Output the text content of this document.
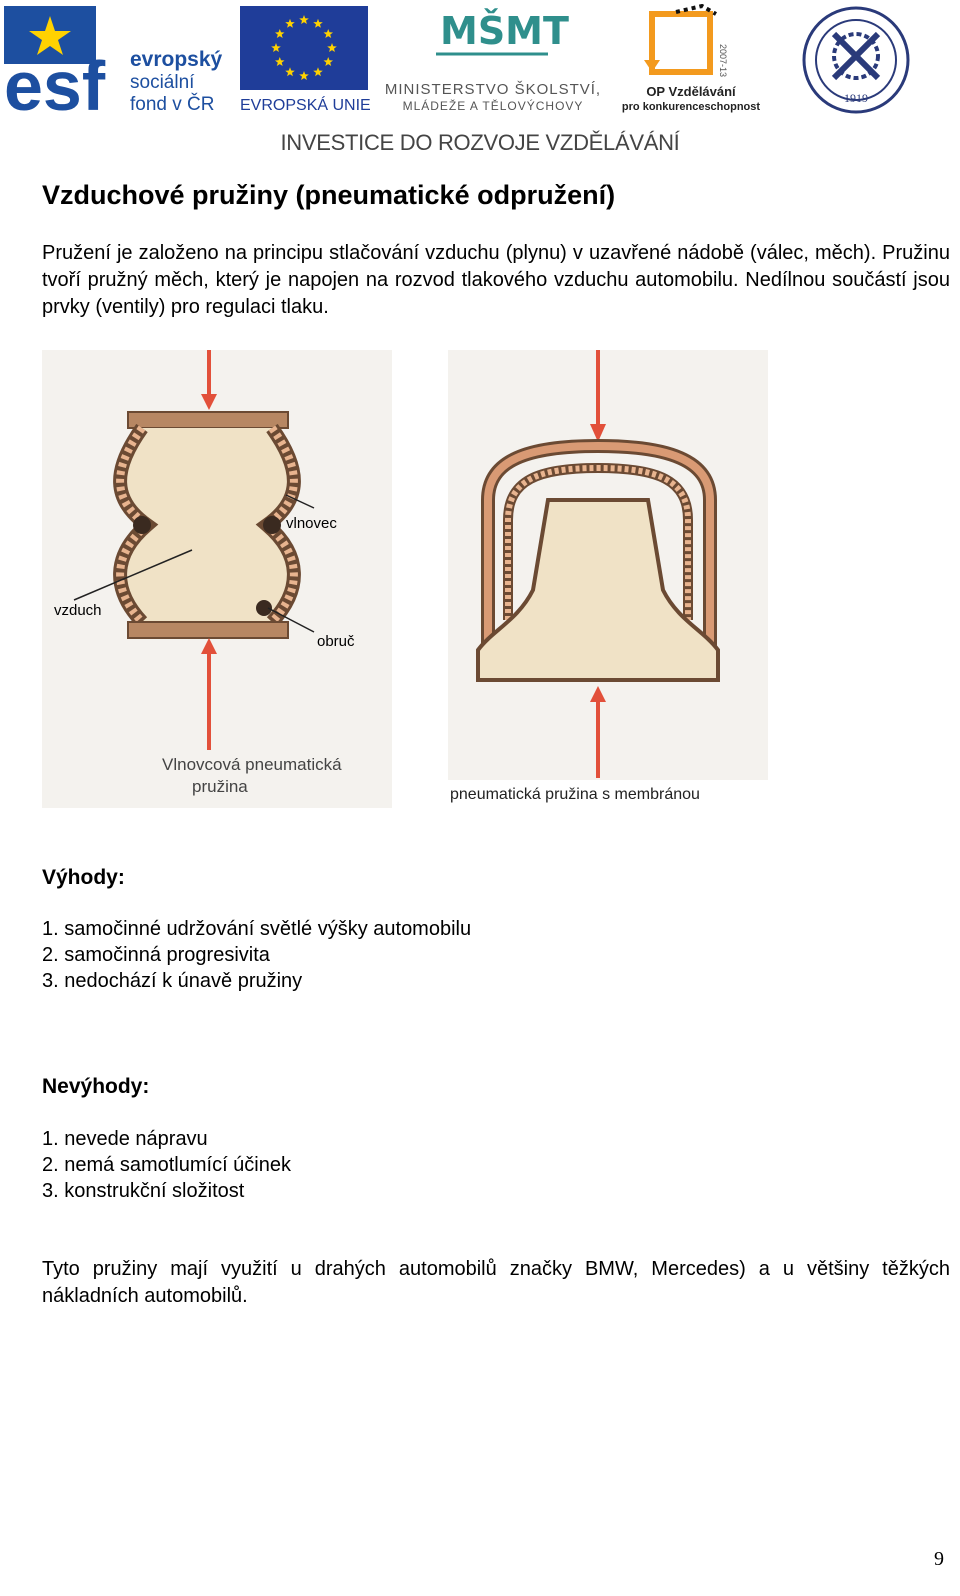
esf evropský
sociální
fond v ČR EVROPSKÁ UNIE
MŠMT
MINISTERSTVO ŠKOLSTVÍ,
MLÁDEŽE A TĚLOVÝCHOVY
2007-13
OP Vzdělávání
pro konkurenceschopnost
1919
INVESTICE DO ROZVOJE VZDĚLÁVÁNÍ
Vzduchové pružiny (pneumatické odpružení)
Pružení je založeno na principu stlačování vzduchu (plynu) v uzavřené nádobě (válec, měch). Pružinu tvoří pružný měch, který je napojen na rozvod tlakového vzduchu automobilu. Nedílnou součástí jsou prvky (ventily) pro regulaci tlaku.
vlnovec
vzduch
obruč
Vlnovcová pneumatická
pružina	pneumatická pružina s membránou
Výhody:
1. samočinné udržování světlé výšky automobilu
2. samočinná progresivita
3. nedochází k únavě pružiny
Nevýhody:
1. nevede nápravu
2. nemá samotlumící účinek
3. konstrukční složitost
Tyto pružiny mají využití u drahých automobilů značky BMW, Mercedes) a u většiny těžkých nákladních automobilů.
9
